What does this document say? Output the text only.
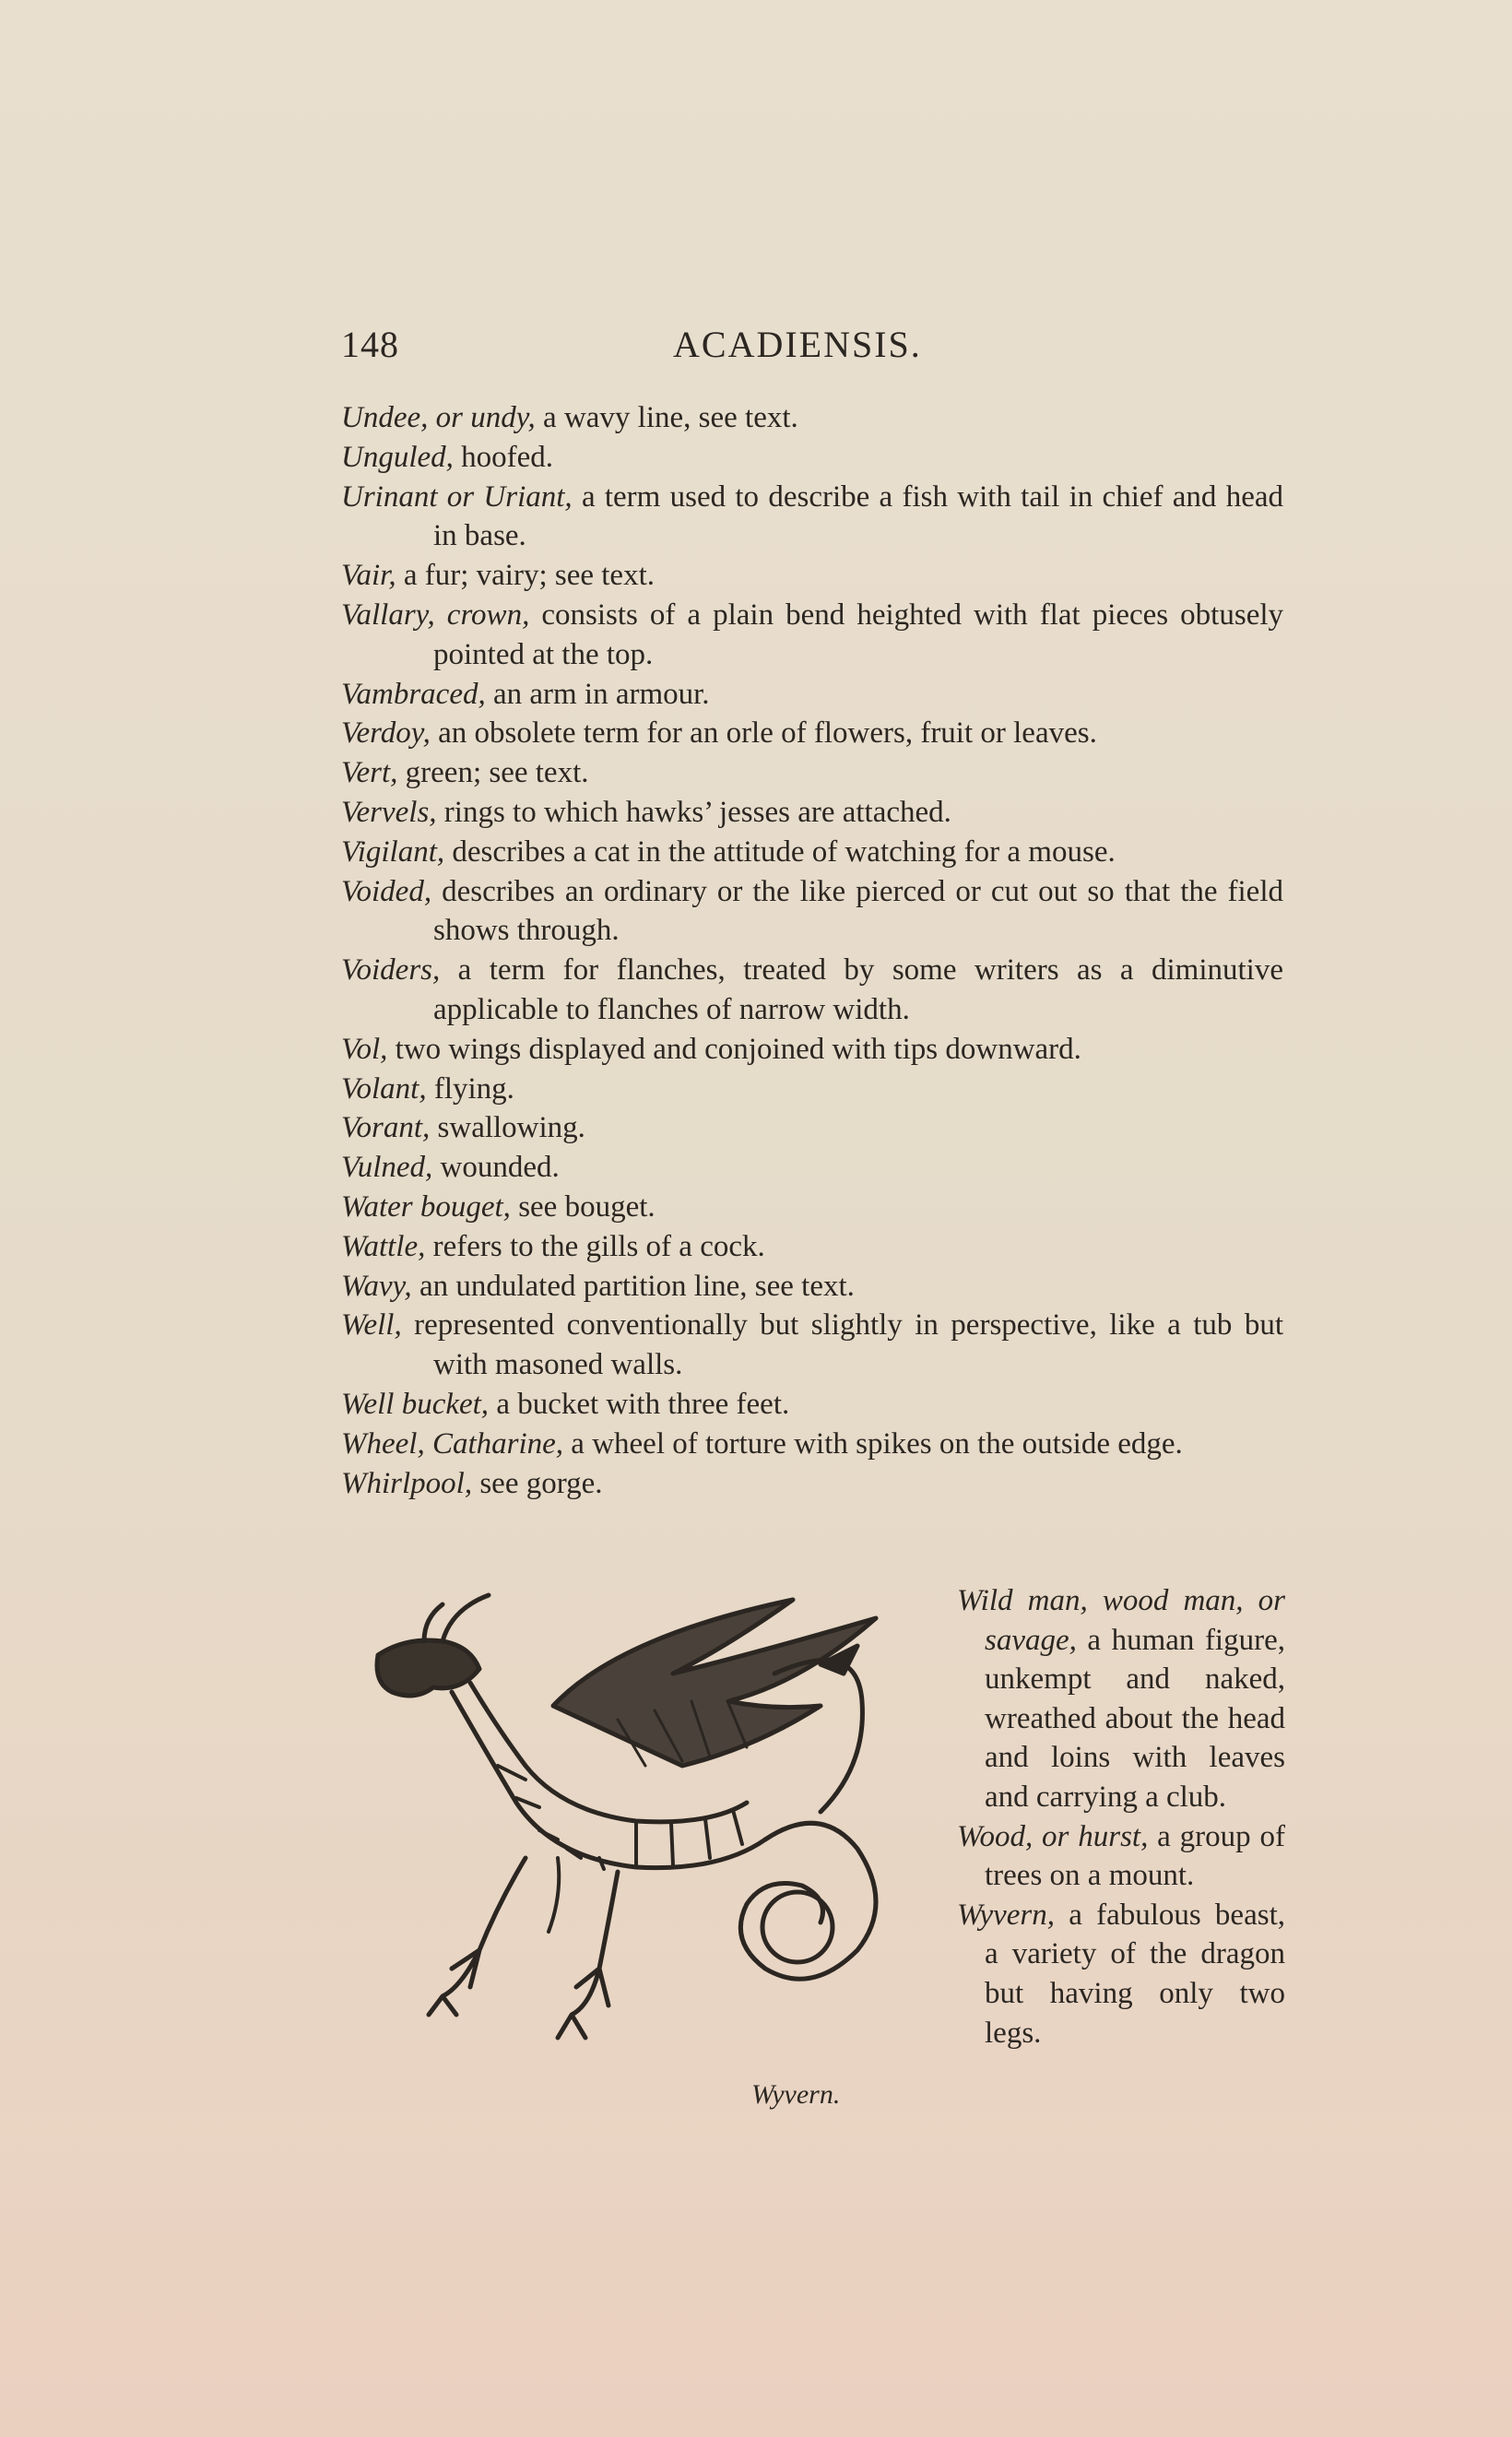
148	ACADIENSIS.

Undee, or undy, a wavy line, see text.

Unguled, hoofed.

Urinant or Uriant, a term used to describe a fish with tail in chief and head in base.

Vair, a fur; vairy; see text.

Vallary, crown, consists of a plain bend heighted with flat pieces obtusely pointed at the top.

Vambraced, an arm in armour.

Verdoy, an obsolete term for an orle of flowers, fruit or leaves.

Vert, green; see text.

Vervels, rings to which hawks’ jesses are attached.

Vigilant, describes a cat in the attitude of watching for a mouse.

Voided, describes an ordinary or the like pierced or cut out so that the field shows through.

Voiders, a term for flanches, treated by some writers as a diminutive applicable to flanches of narrow width.

Vol, two wings displayed and conjoined with tips downward.

Volant, flying.

Vorant, swallowing.

Vulned, wounded.

Water bouget, see bouget.

Wattle, refers to the gills of a cock.

Wavy, an undulated partition line, see text.

Well, represented conventionally but slightly in perspective, like a tub but with masoned walls.

Well bucket, a bucket with three feet.

Wheel, Catharine, a wheel of torture with spikes on the outside edge.

Whirlpool, see gorge.

Wyvern.

Wild man, wood man, or savage, a human figure, unkempt and naked, wreathed about the head and loins with leaves and carrying a club.

Wood, or hurst, a group of trees on a mount.

Wyvern, a fabulous beast, a variety of the dragon but having only two legs.
